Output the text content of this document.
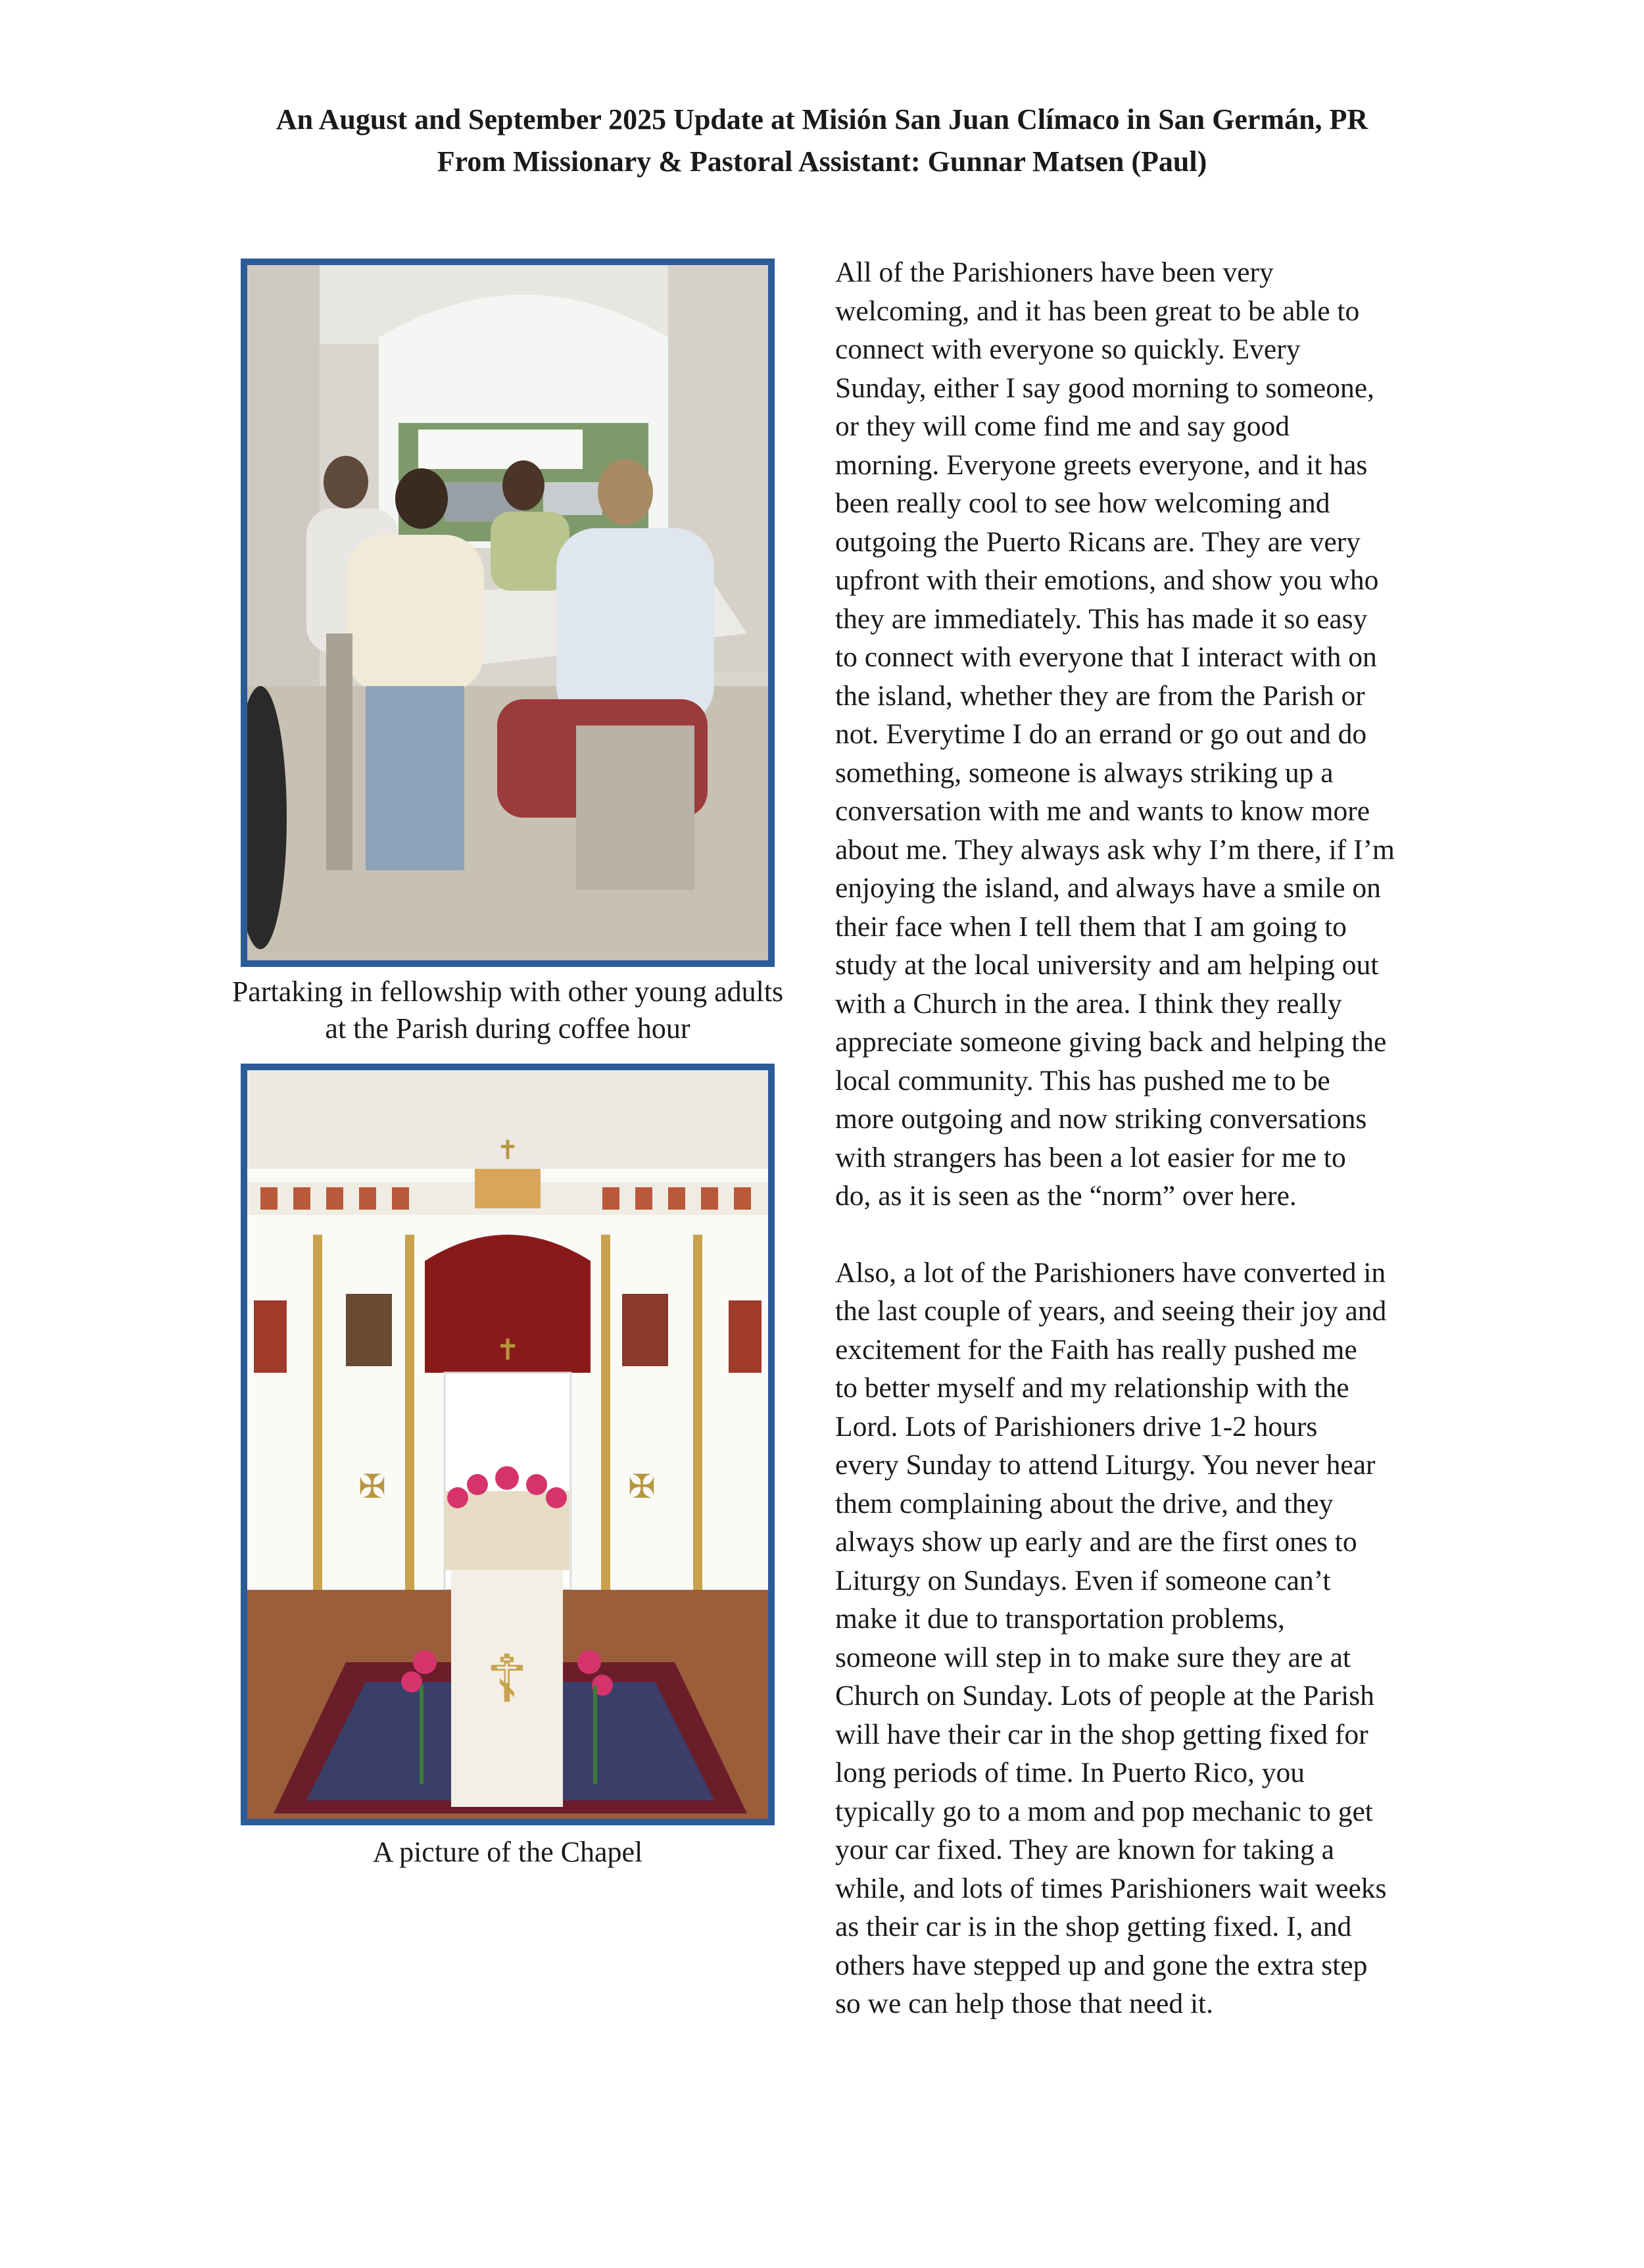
An August and September 2025 Update at Misión San Juan Clímaco in San Germán, PR
From Missionary & Pastoral Assistant: Gunnar Matsen (Paul)
Partaking in fellowship with other young adults
at the Parish during coffee hour
✝
✝
✠	✠
☦
A picture of the Chapel

All of the Parishioners have been very
welcoming, and it has been great to be able to
connect with everyone so quickly. Every
Sunday, either I say good morning to someone,
or they will come find me and say good
morning. Everyone greets everyone, and it has
been really cool to see how welcoming and
outgoing the Puerto Ricans are. They are very
upfront with their emotions, and show you who
they are immediately. This has made it so easy
to connect with everyone that I interact with on
the island, whether they are from the Parish or
not. Everytime I do an errand or go out and do
something, someone is always striking up a
conversation with me and wants to know more
about me. They always ask why I’m there, if I’m
enjoying the island, and always have a smile on
their face when I tell them that I am going to
study at the local university and am helping out
with a Church in the area. I think they really
appreciate someone giving back and helping the
local community. This has pushed me to be
more outgoing and now striking conversations
with strangers has been a lot easier for me to
do, as it is seen as the “norm” over here.

Also, a lot of the Parishioners have converted in
the last couple of years, and seeing their joy and
excitement for the Faith has really pushed me
to better myself and my relationship with the
Lord. Lots of Parishioners drive 1-2 hours
every Sunday to attend Liturgy. You never hear
them complaining about the drive, and they
always show up early and are the first ones to
Liturgy on Sundays. Even if someone can’t
make it due to transportation problems,
someone will step in to make sure they are at
Church on Sunday. Lots of people at the Parish
will have their car in the shop getting fixed for
long periods of time. In Puerto Rico, you
typically go to a mom and pop mechanic to get
your car fixed. They are known for taking a
while, and lots of times Parishioners wait weeks
as their car is in the shop getting fixed. I, and
others have stepped up and gone the extra step
so we can help those that need it.
